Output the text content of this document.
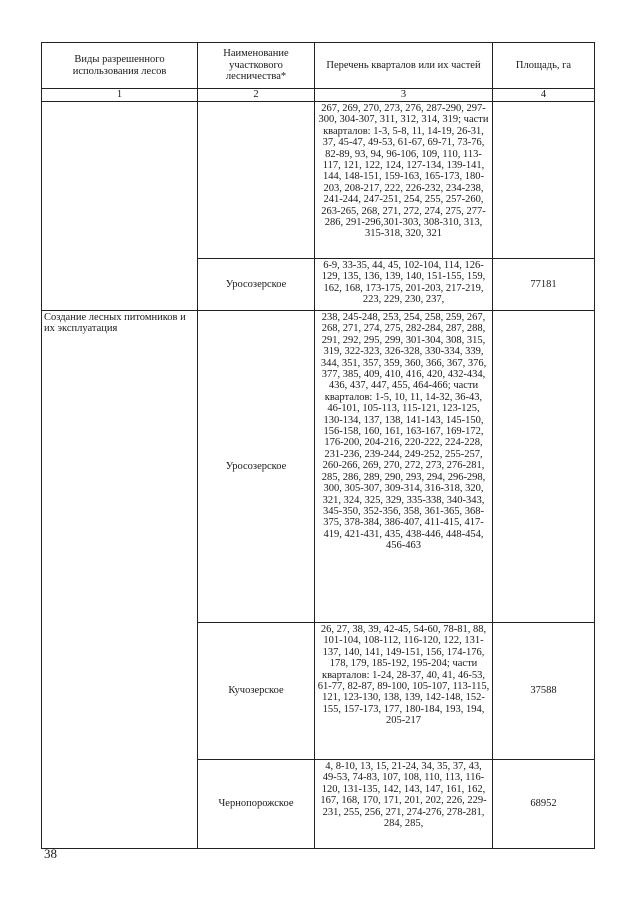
Виды разрешенного использования лесов	Наименование участкового лесничества*	Перечень кварталов или их частей	Площадь, га
1	2	3	4
		267, 269, 270, 273, 276, 287-290, 297-300, 304-307, 311, 312, 314, 319; части кварталов: 1-3, 5-8, 11, 14-19, 26-31, 37, 45-47, 49-53, 61-67, 69-71, 73-76, 82-89, 93, 94, 96-106, 109, 110, 113-117, 121, 122, 124, 127-134, 139-141, 144, 148-151, 159-163, 165-173, 180-203, 208-217, 222, 226-232, 234-238, 241-244, 247-251, 254, 255, 257-260, 263-265, 268, 271, 272, 274, 275, 277-286, 291-296,301-303, 308-310, 313, 315-318, 320, 321	
	Уросозерское	6-9, 33-35, 44, 45, 102-104, 114, 126-129, 135, 136, 139, 140, 151-155, 159, 162, 168, 173-175, 201-203, 217-219, 223, 229, 230, 237,	77181
Создание лесных питомников и их эксплуатация	Уросозерское	238, 245-248, 253, 254, 258, 259, 267, 268, 271, 274, 275, 282-284, 287, 288, 291, 292, 295, 299, 301-304, 308, 315, 319, 322-323, 326-328, 330-334, 339, 344, 351, 357, 359, 360, 366, 367, 376, 377, 385, 409, 410, 416, 420, 432-434, 436, 437, 447, 455, 464-466; части кварталов: 1-5, 10, 11, 14-32, 36-43, 46-101, 105-113, 115-121, 123-125, 130-134, 137, 138, 141-143, 145-150, 156-158, 160, 161, 163-167, 169-172, 176-200, 204-216, 220-222, 224-228, 231-236, 239-244, 249-252, 255-257, 260-266, 269, 270, 272, 273, 276-281, 285, 286, 289, 290, 293, 294, 296-298, 300, 305-307, 309-314, 316-318, 320, 321, 324, 325, 329, 335-338, 340-343, 345-350, 352-356, 358, 361-365, 368-375, 378-384, 386-407, 411-415, 417-419, 421-431, 435, 438-446, 448-454, 456-463	
	Кучозерское	26, 27, 38, 39, 42-45, 54-60, 78-81, 88, 101-104, 108-112, 116-120, 122, 131-137, 140, 141, 149-151, 156, 174-176, 178, 179, 185-192, 195-204; части кварталов: 1-24, 28-37, 40, 41, 46-53, 61-77, 82-87, 89-100, 105-107, 113-115, 121, 123-130, 138, 139, 142-148, 152-155, 157-173, 177, 180-184, 193, 194, 205-217	37588
	Чернопорожское	4, 8-10, 13, 15, 21-24, 34, 35, 37, 43, 49-53, 74-83, 107, 108, 110, 113, 116-120, 131-135, 142, 143, 147, 161, 162, 167, 168, 170, 171, 201, 202, 226, 229-231, 255, 256, 271, 274-276, 278-281, 284, 285,	68952
38
